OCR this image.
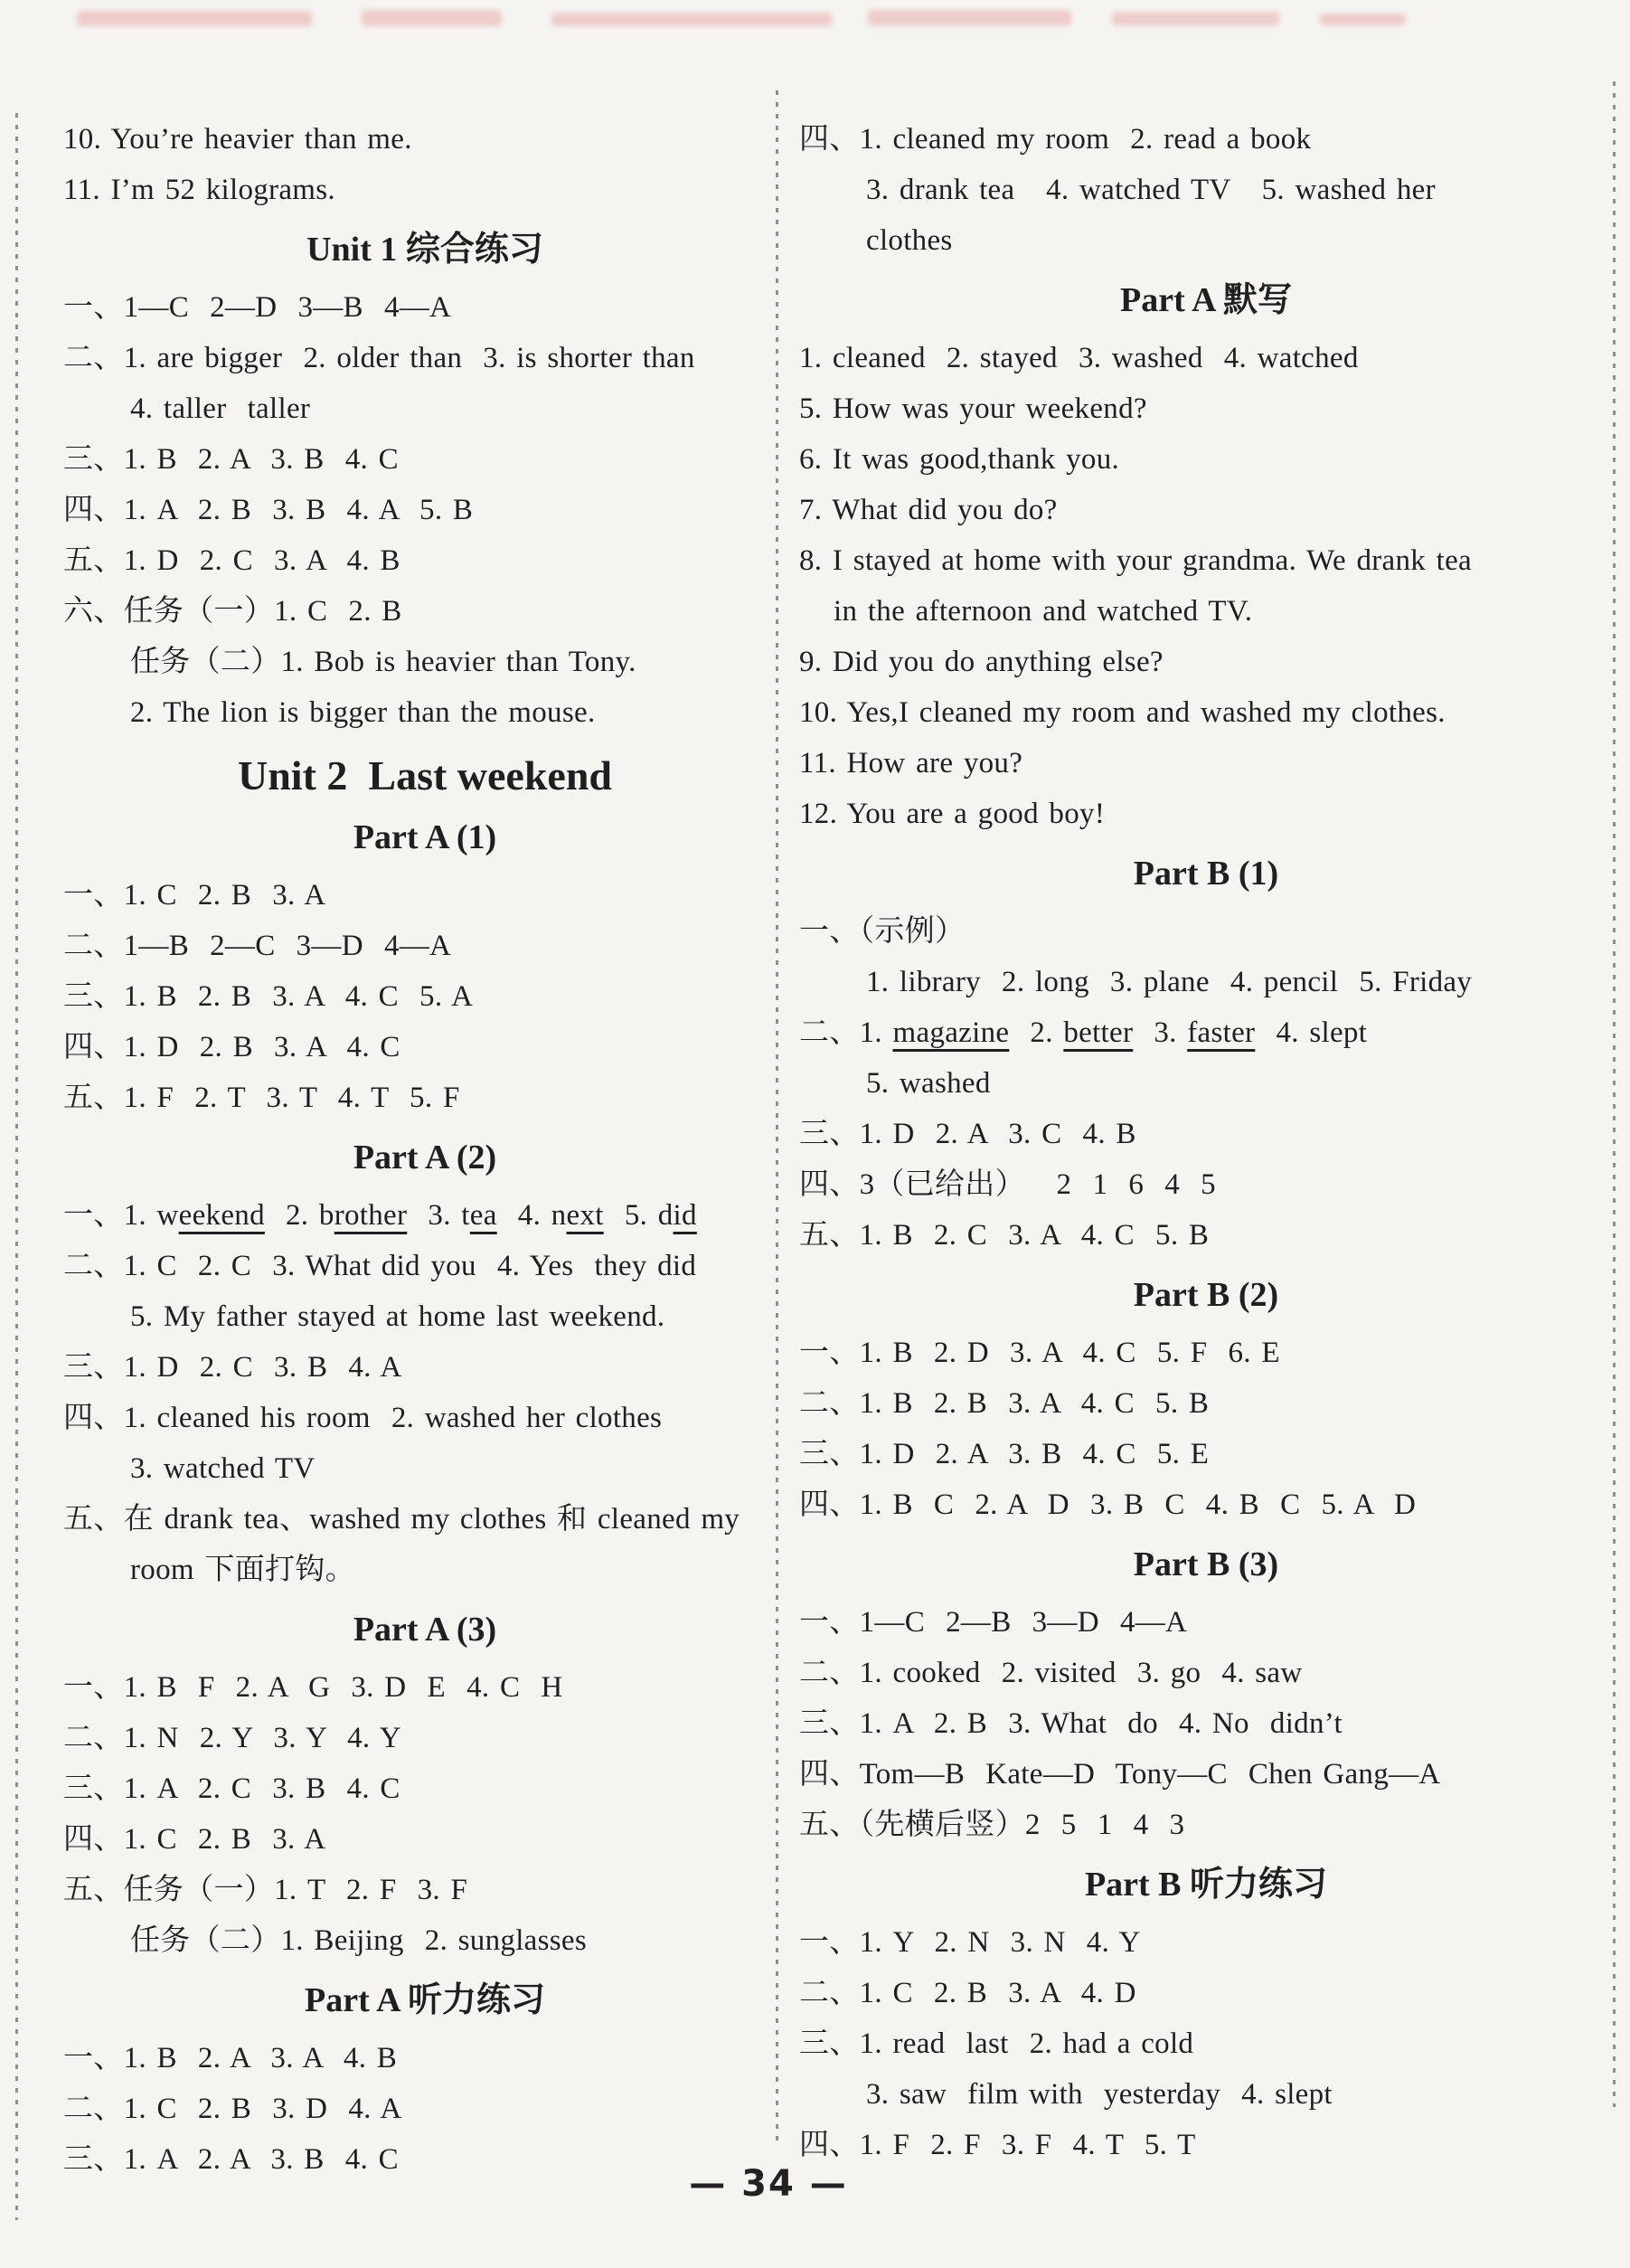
10. You’re heavier than me.
11. I’m 52 kilograms.
Unit 1 综合练习
一、1—C  2—D  3—B  4—A
二、1. are bigger  2. older than  3. is shorter than
4. taller  taller
三、1. B  2. A  3. B  4. C
四、1. A  2. B  3. B  4. A  5. B
五、1. D  2. C  3. A  4. B
六、任务（一）1. C  2. B
任务（二）1. Bob is heavier than Tony.
2. The lion is bigger than the mouse.
Unit 2  Last weekend
Part A (1)
一、1. C  2. B  3. A
二、1—B  2—C  3—D  4—A
三、1. B  2. B  3. A  4. C  5. A
四、1. D  2. B  3. A  4. C
五、1. F  2. T  3. T  4. T  5. F
Part A (2)
一、1. weekend  2. brother  3. tea  4. next  5. did
二、1. C  2. C  3. What did you  4. Yes  they did
5. My father stayed at home last weekend.
三、1. D  2. C  3. B  4. A
四、1. cleaned his room  2. washed her clothes
3. watched TV
五、在 drank tea、washed my clothes 和 cleaned my
room 下面打钩。
Part A (3)
一、1. B  F  2. A  G  3. D  E  4. C  H
二、1. N  2. Y  3. Y  4. Y
三、1. A  2. C  3. B  4. C
四、1. C  2. B  3. A
五、任务（一）1. T  2. F  3. F
任务（二）1. Beijing  2. sunglasses
Part A 听力练习
一、1. B  2. A  3. A  4. B
二、1. C  2. B  3. D  4. A
三、1. A  2. A  3. B  4. C
四、1. cleaned my room  2. read a book
3. drank tea   4. watched TV   5. washed her
clothes
Part A 默写
1. cleaned  2. stayed  3. washed  4. watched
5. How was your weekend?
6. It was good,thank you.
7. What did you do?
8. I stayed at home with your grandma. We drank tea
in the afternoon and watched TV.
9. Did you do anything else?
10. Yes,I cleaned my room and washed my clothes.
11. How are you?
12. You are a good boy!
Part B (1)
一、（示例）
1. library  2. long  3. plane  4. pencil  5. Friday
二、1. magazine  2. better  3. faster  4. slept
5. washed
三、1. D  2. A  3. C  4. B
四、3（已给出）   2  1  6  4  5
五、1. B  2. C  3. A  4. C  5. B
Part B (2)
一、1. B  2. D  3. A  4. C  5. F  6. E
二、1. B  2. B  3. A  4. C  5. B
三、1. D  2. A  3. B  4. C  5. E
四、1. B  C  2. A  D  3. B  C  4. B  C  5. A  D
Part B (3)
一、1—C  2—B  3—D  4—A
二、1. cooked  2. visited  3. go  4. saw
三、1. A  2. B  3. What  do  4. No  didn’t
四、Tom—B  Kate—D  Tony—C  Chen Gang—A
五、（先横后竖）2  5  1  4  3
Part B 听力练习
一、1. Y  2. N  3. N  4. Y
二、1. C  2. B  3. A  4. D
三、1. read  last  2. had a cold
3. saw  film with  yesterday  4. slept
四、1. F  2. F  3. F  4. T  5. T
— 34 —
